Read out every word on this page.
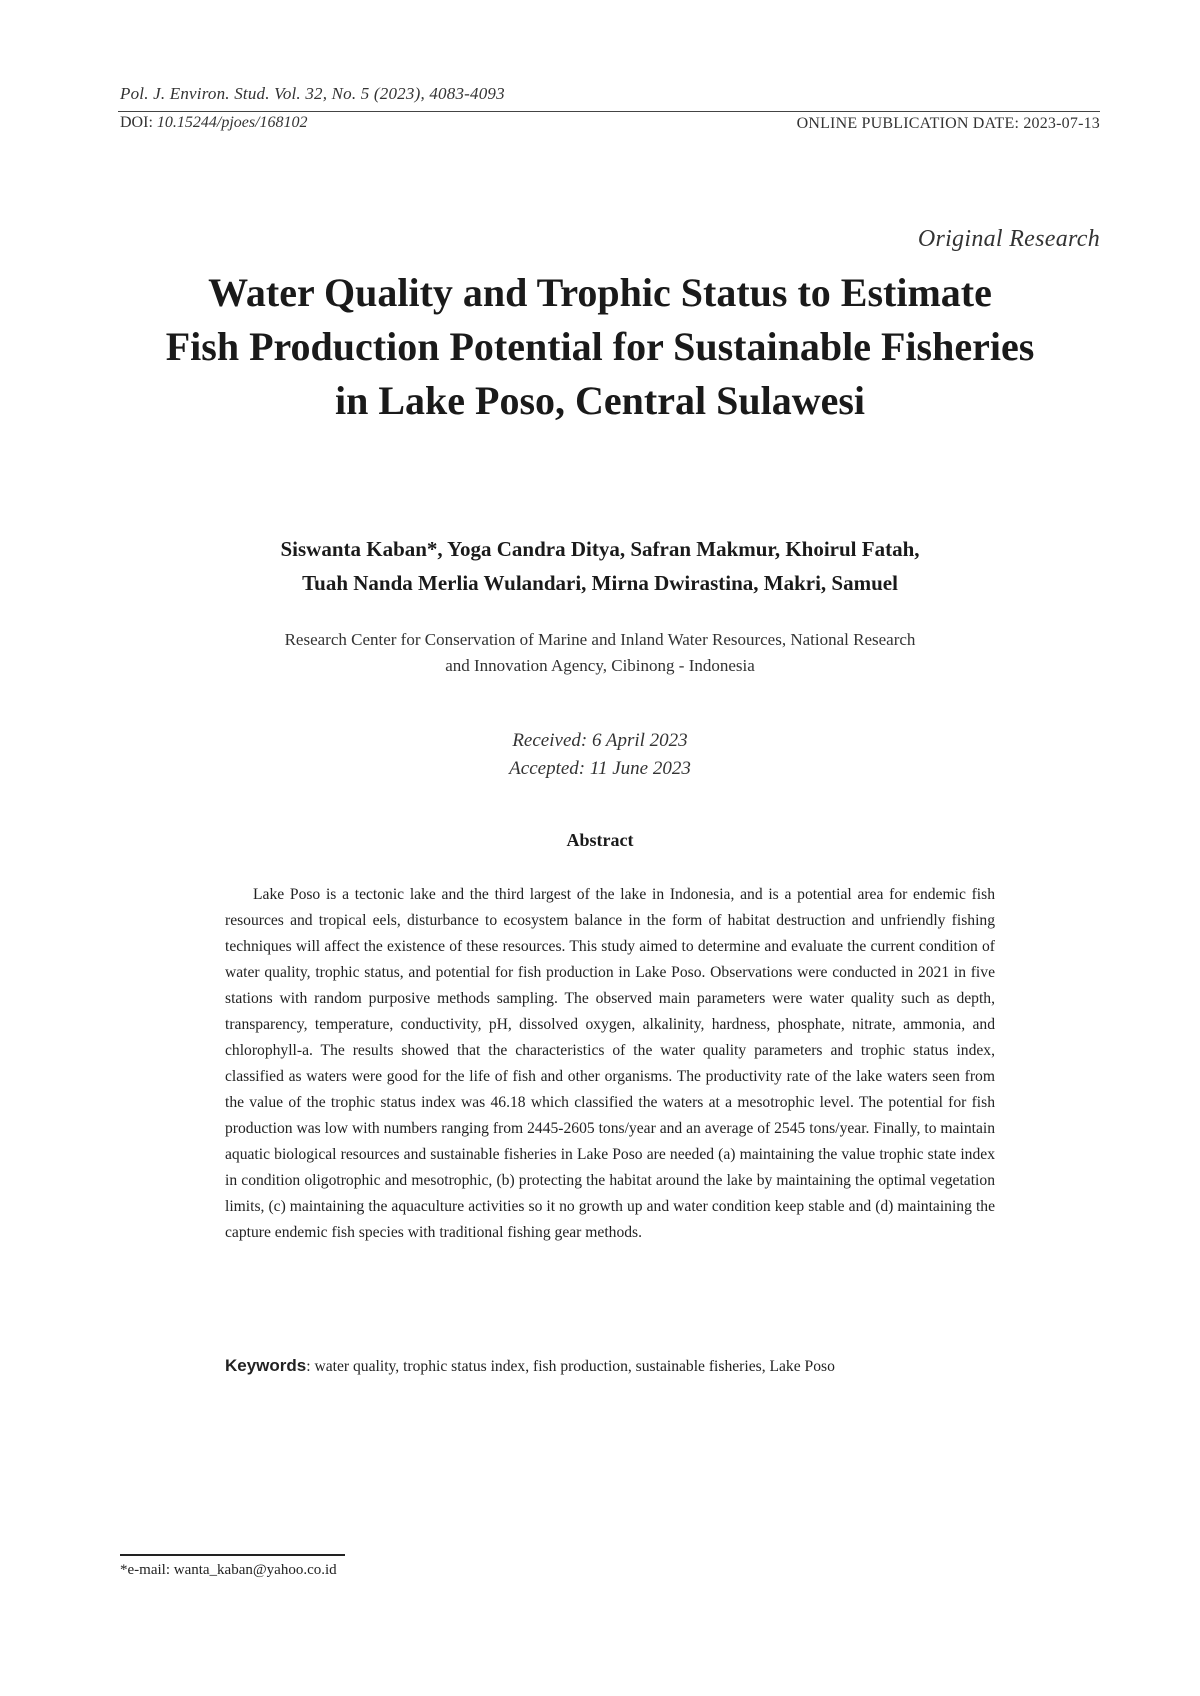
Pol. J. Environ. Stud. Vol. 32, No. 5 (2023), 4083-4093
DOI: 10.15244/pjoes/168102	ONLINE PUBLICATION DATE: 2023-07-13
Original Research
Water Quality and Trophic Status to Estimate
Fish Production Potential for Sustainable Fisheries
in Lake Poso, Central Sulawesi
Siswanta Kaban*, Yoga Candra Ditya, Safran Makmur, Khoirul Fatah,
Tuah Nanda Merlia Wulandari, Mirna Dwirastina, Makri, Samuel
Research Center for Conservation of Marine and Inland Water Resources, National Research
and Innovation Agency, Cibinong - Indonesia
Received: 6 April 2023
Accepted: 11 June 2023
Abstract

Lake Poso is a tectonic lake and the third largest of the lake in Indonesia, and is a potential area for endemic fish resources and tropical eels, disturbance to ecosystem balance in the form of habitat destruction and unfriendly fishing techniques will affect the existence of these resources. This study aimed to determine and evaluate the current condition of water quality, trophic status, and potential for fish production in Lake Poso. Observations were conducted in 2021 in five stations with random purposive methods sampling. The observed main parameters were water quality such as depth, transparency, temperature, conductivity, pH, dissolved oxygen, alkalinity, hardness, phosphate, nitrate, ammonia, and chlorophyll-a. The results showed that the characteristics of the water quality parameters and trophic status index, classified as waters were good for the life of fish and other organisms. The productivity rate of the lake waters seen from the value of the trophic status index was 46.18 which classified the waters at a mesotrophic level. The potential for fish production was low with numbers ranging from 2445-2605 tons/year and an average of 2545 tons/year. Finally, to maintain aquatic biological resources and sustainable fisheries in Lake Poso are needed (a) maintaining the value trophic state index in condition oligotrophic and mesotrophic, (b) protecting the habitat around the lake by maintaining the optimal vegetation limits, (c) maintaining the aquaculture activities so it no growth up and water condition keep stable and (d) maintaining the capture endemic fish species with traditional fishing gear methods.

Keywords: water quality, trophic status index, fish production, sustainable fisheries, Lake Poso

*e-mail: wanta_kaban@yahoo.co.id
